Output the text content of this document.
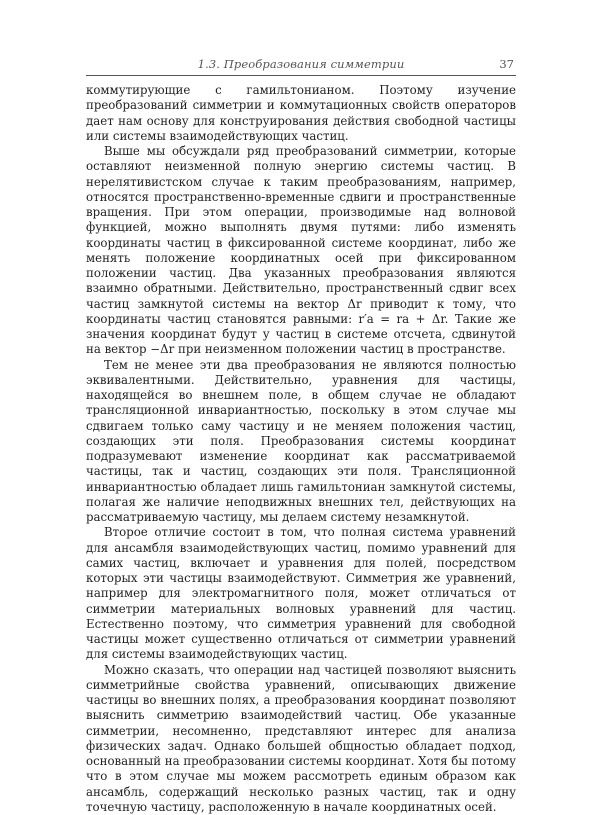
1.3. Преобразования симметрии	37

коммутирующие с гамильтонианом. Поэтому изучение преобразований симметрии и коммутационных свойств операторов дает нам основу для конструирования действия свободной частицы или системы взаимодействующих частиц.

Выше мы обсуждали ряд преобразований симметрии, которые оставляют неизменной полную энергию системы частиц. В нерелятивистском случае к таким преобразованиям, например, относятся пространственно-временные сдвиги и пространственные вращения. При этом операции, производимые над волновой функцией, можно выполнять двумя путями: либо изменять координаты частиц в фиксированной системе координат, либо же менять положение координатных осей при фиксированном положении частиц. Два указанных преобразования являются взаимно обратными. Действительно, пространственный сдвиг всех частиц замкнутой системы на вектор Δr приводит к тому, что координаты частиц становятся равными: r′a = ra + Δr. Такие же значения координат будут у частиц в системе отсчета, сдвинутой на вектор −Δr при неизменном положении частиц в пространстве.

Тем не менее эти два преобразования не являются полностью эквивалентными. Действительно, уравнения для частицы, находящейся во внешнем поле, в общем случае не обладают трансляционной инвариантностью, поскольку в этом случае мы сдвигаем только саму частицу и не меняем положения частиц, создающих эти поля. Преобразования системы координат подразумевают изменение координат как рассматриваемой частицы, так и частиц, создающих эти поля. Трансляционной инвариантностью обладает лишь гамильтониан замкнутой системы, полагая же наличие неподвижных внешних тел, действующих на рассматриваемую частицу, мы делаем систему незамкнутой.

Второе отличие состоит в том, что полная система уравнений для ансамбля взаимодействующих частиц, помимо уравнений для самих частиц, включает и уравнения для полей, посредством которых эти частицы взаимодействуют. Симметрия же уравнений, например для электромагнитного поля, может отличаться от симметрии материальных волновых уравнений для частиц. Естественно поэтому, что симметрия уравнений для свободной частицы может существенно отличаться от симметрии уравнений для системы взаимодействующих частиц.

Можно сказать, что операции над частицей позволяют выяснить симметрийные свойства уравнений, описывающих движение частицы во внешних полях, а преобразования координат позволяют выяснить симметрию взаимодействий частиц. Обе указанные симметрии, несомненно, представляют интерес для анализа физических задач. Однако большей общностью обладает подход, основанный на преобразовании системы координат. Хотя бы потому что в этом случае мы можем рассмотреть единым образом как ансамбль, содержащий несколько разных частиц, так и одну точечную частицу, расположенную в начале координатных осей.
